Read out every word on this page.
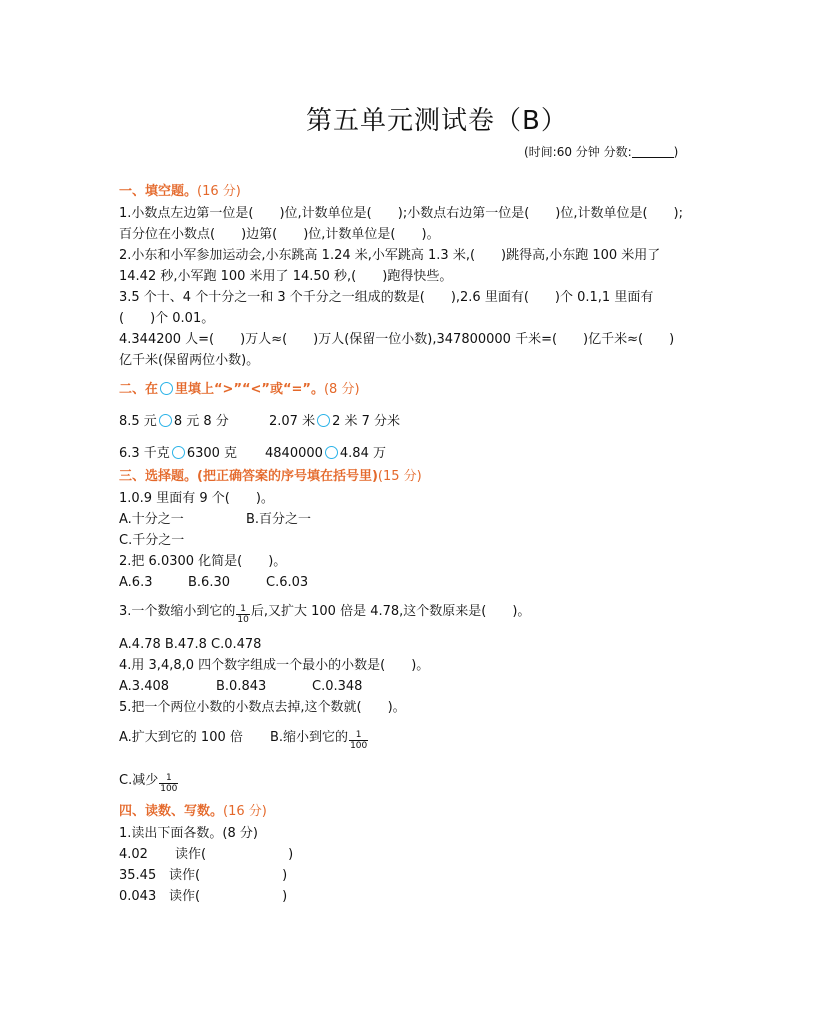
第五单元测试卷（B）
(时间:60 分钟 分数:	)
一、填空题。(16 分)
1.小数点左边第一位是(　　)位,计数单位是(　　);小数点右边第一位是(　　)位,计数单位是(　　);
百分位在小数点(　　)边第(　　)位,计数单位是(　　)。
2.小东和小军参加运动会,小东跳高 1.24 米,小军跳高 1.3 米,(　　)跳得高,小东跑 100 米用了
14.42 秒,小军跑 100 米用了 14.50 秒,(　　)跑得快些。
3.5 个十、4 个十分之一和 3 个千分之一组成的数是(　　),2.6 里面有(　　)个 0.1,1 里面有
(　　)个 0.01。
4.344200 人=(　　)万人≈(　　)万人(保留一位小数),347800000 千米=(　　)亿千米≈(　　)
亿千米(保留两位小数)。
二、在 里填上“>”“<”或“=”。(8 分)
8.5 元 8 元 8 分	2.07 米 2 米 7 分米
6.3 千克 6300 克 4840000 4.84 万
三、选择题。(把正确答案的序号填在括号里)(15 分)
1.0.9 里面有 9 个(　　)。
A.十分之一	B.百分之一
C.千分之一
2.把 6.0300 化简是(　　)。
A.6.3	B.6.30	C.6.03
3.一个数缩小到它的 $\frac{1}{10}$ 后,又扩大 100 倍是 4.78,这个数原来是(　　)。
A.4.78 B.47.8 C.0.478
4.用 3,4,8,0 四个数字组成一个最小的小数是(　　)。
A.3.408	B.0.843	C.0.348
5.把一个两位小数的小数点去掉,这个数就(　　)。
A.扩大到它的 100 倍 B.缩小到它的 $\frac{1}{100}$
C.减少 $\frac{1}{100}$
四、读数、写数。(16 分)
1.读出下面各数。(8 分)
4.02 读作(	)
35.45 读作(	)
0.043 读作(	)
